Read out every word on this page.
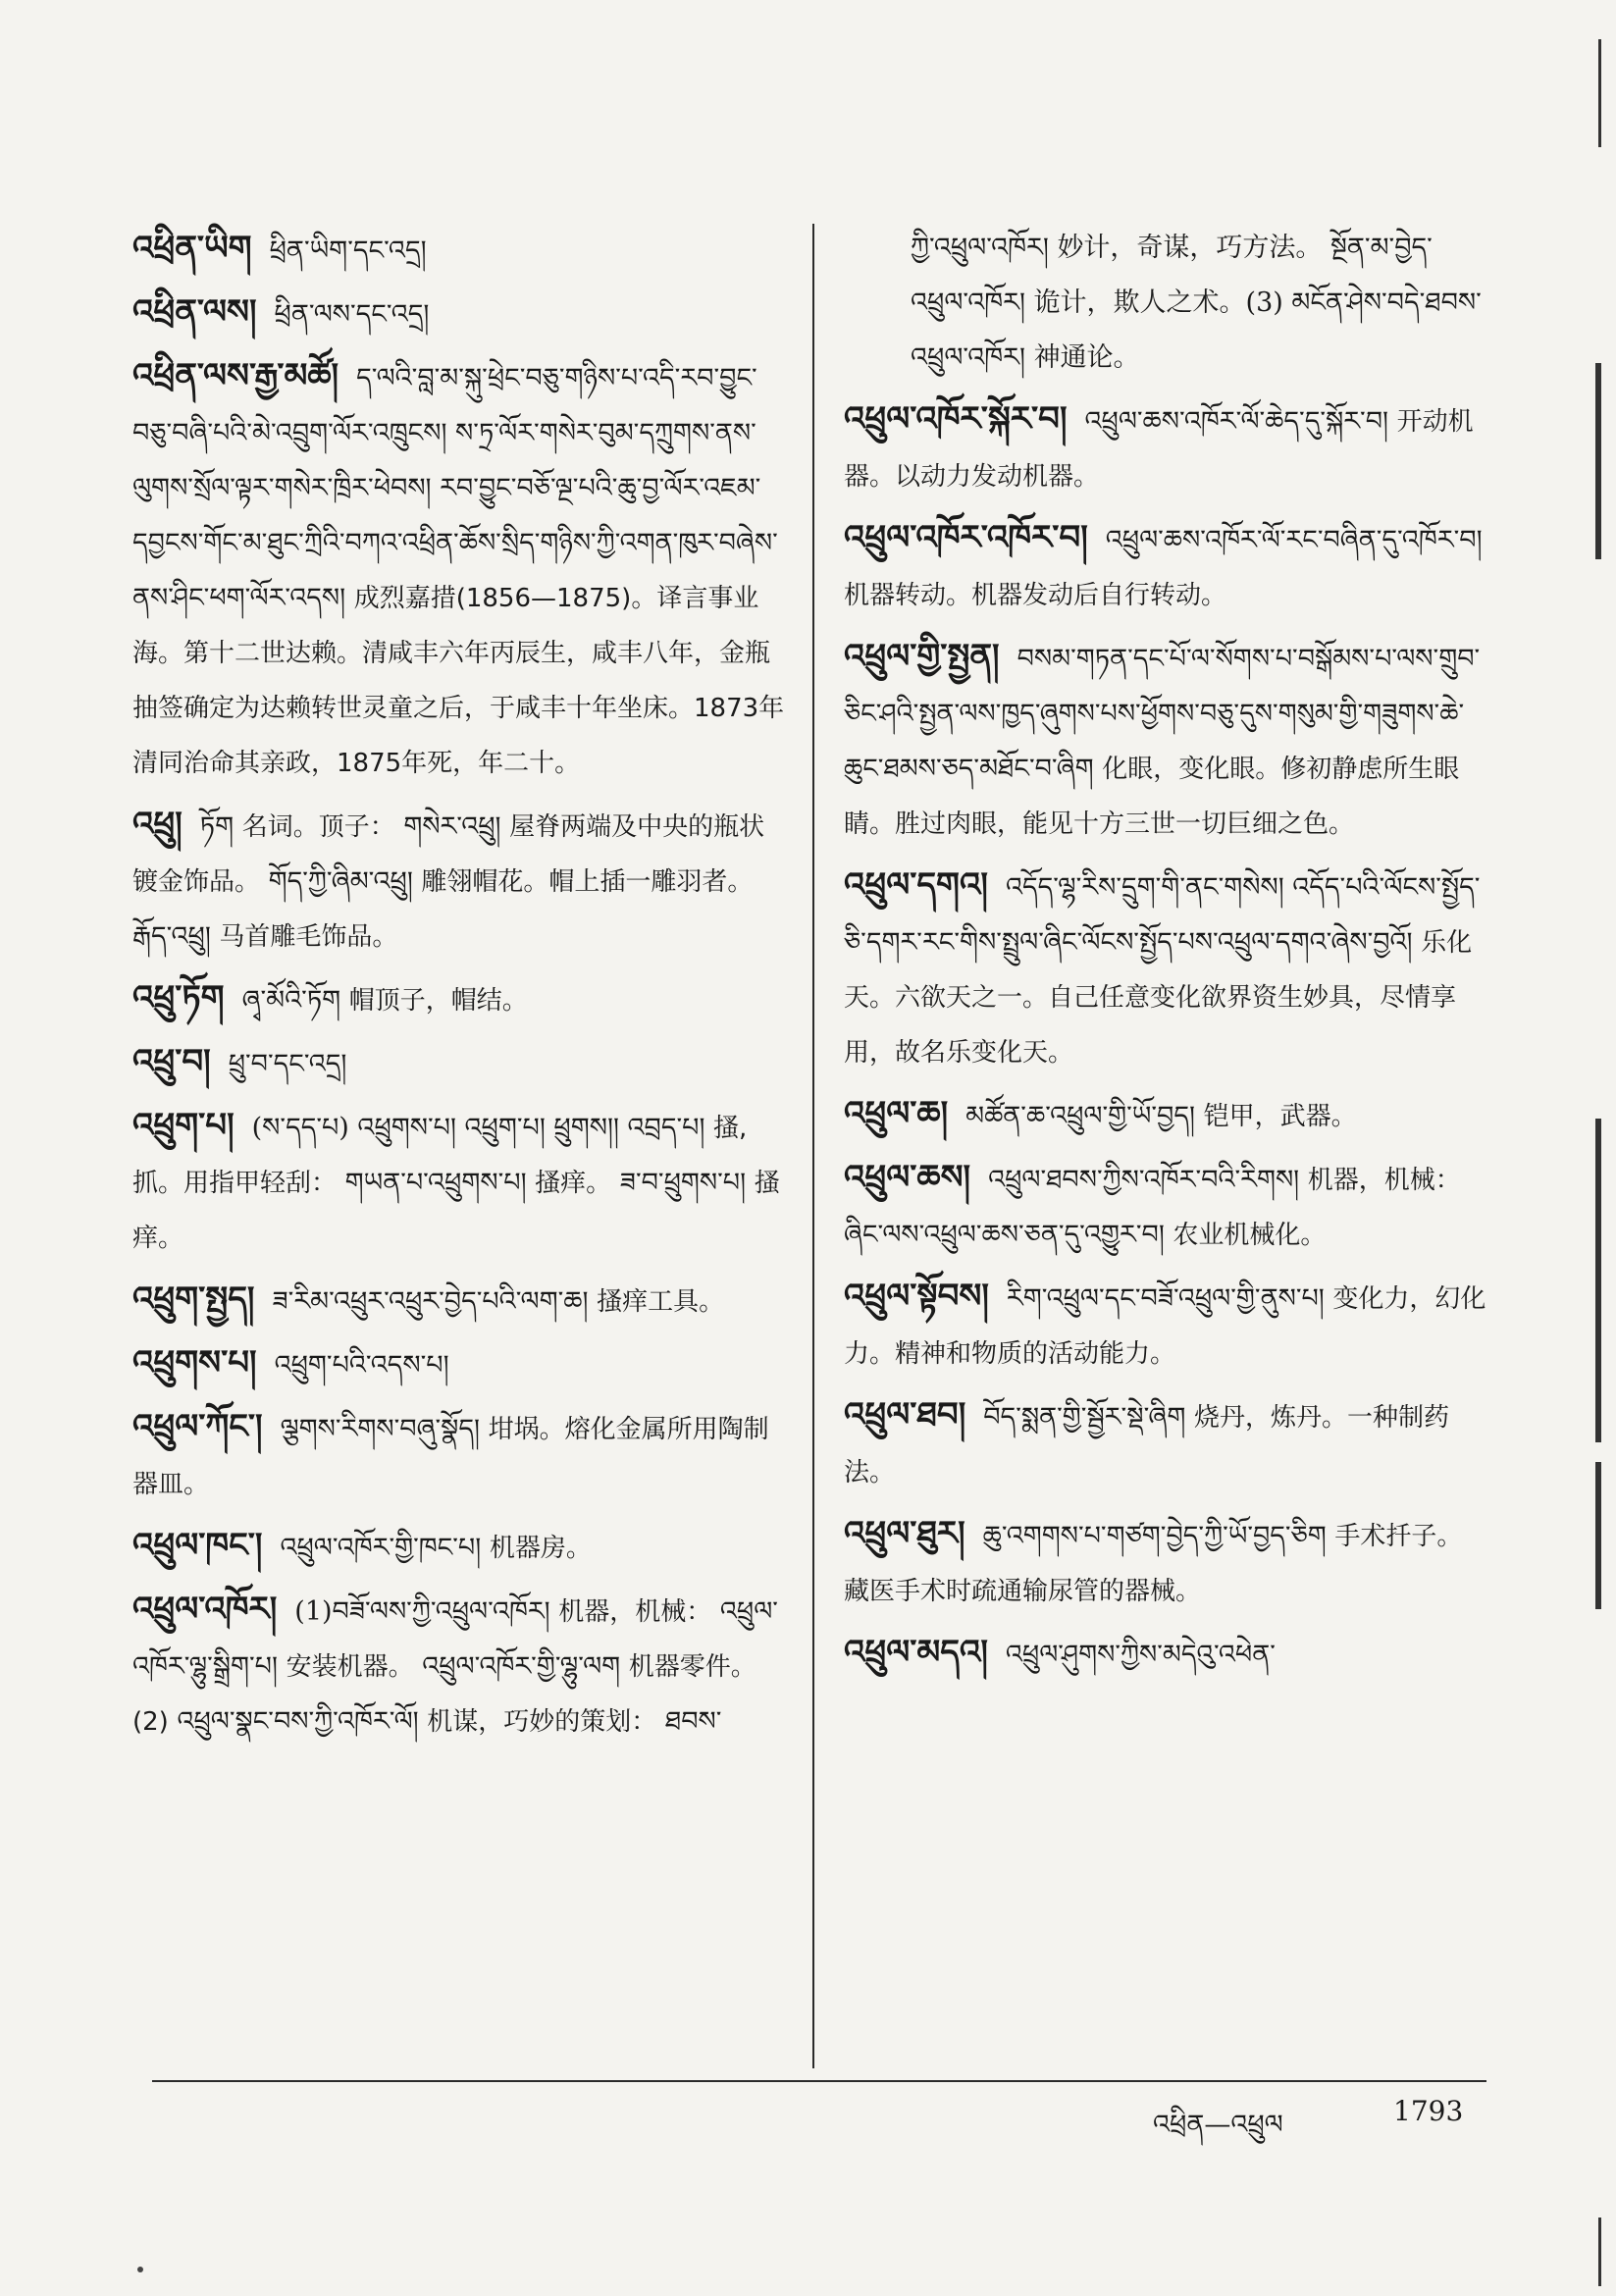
འཕྲིན་ཡིག ཕྲིན་ཡིག་དང་འདྲ།
འཕྲིན་ལས། ཕྲིན་ལས་དང་འདྲ།
འཕྲིན་ལས་རྒྱ་མཚོ། ད་ལའི་བླ་མ་སྐུ་ཕྲེང་བཅུ་གཉིས་པ་འདི་རབ་བྱུང་བཅུ་བཞི་པའི་མེ་འབྲུག་ལོར་འཁྲུངས། ས་ཏྲ་ལོར་གསེར་བུམ་དཀྲུགས་ནས་ལུགས་སྲོལ་ལྟར་གསེར་ཁྲིར་ཕེབས། རབ་བྱུང་བཅོ་ལྔ་པའི་ཆུ་བྱ་ལོར་འཇམ་དབྱངས་གོང་མ་ཐུང་ཀྲིའི་བཀའ་འཕྲིན་ཆོས་སྲིད་གཉིས་ཀྱི་འགན་ཁུར་བཞེས་ནས་ཤིང་ཕག་ལོར་འདས། 成烈嘉措(1856—1875)。译言事业海。第十二世达赖。清咸丰六年丙辰生，咸丰八年，金瓶抽签确定为达赖转世灵童之后，于咸丰十年坐床。1873年清同治命其亲政，1875年死，年二十。
འཕྲུ། ཏོག 名词。顶子： གསེར་འཕྲུ། 屋脊两端及中央的瓶状镀金饰品。 གོད་ཀྱི་ཞིམ་འཕྲུ། 雕翎帽花。帽上插一雕羽者。 རྒོད་འཕྲུ། 马首雕毛饰品。
འཕྲུ་ཏོག ཞྭ་མོའི་ཏོག 帽顶子，帽结。
འཕྲུ་བ། ཕྲུ་བ་དང་འདྲ།
འཕྲུག་པ། (ས་དད་པ) འཕྲུགས་པ། འཕྲུག་པ། ཕྲུགས།། འབྲད་པ། 搔,抓。用指甲轻刮： གཡན་པ་འཕྲུགས་པ། 搔痒。 ཟ་བ་ཕྲུགས་པ། 搔痒。
འཕྲུག་སྤྱད། ཟ་རིམ་འཕྲུར་འཕྲུར་བྱེད་པའི་ལག་ཆ། 搔痒工具。
འཕྲུགས་པ། འཕྲུག་པའི་འདས་པ།
འཕྲུལ་ཀོང་། ལྕགས་རིགས་བཞུ་སྣོད། 坩埚。熔化金属所用陶制器皿。
འཕྲུལ་ཁང་། འཕྲུལ་འཁོར་གྱི་ཁང་པ། 机器房。
འཕྲུལ་འཁོར། (1)བཟོ་ལས་ཀྱི་འཕྲུལ་འཁོར། 机器，机械： འཕྲུལ་འཁོར་ལྷུ་སྒྲིག་པ། 安装机器。 འཕྲུལ་འཁོར་གྱི་ལྷུ་ལག 机器零件。(2) འཕྲུལ་སྣང་བས་ཀྱི་འཁོར་ལོ། 机谋，巧妙的策划： ཐབས་
ཀྱི་འཕྲུལ་འཁོར། 妙计，奇谋，巧方法。 སྔོན་མ་བྱེད་འཕྲུལ་འཁོར། 诡计，欺人之术。(3) མངོན་ཤེས་བདེ་ཐབས་འཕྲུལ་འཁོར། 神通论。
འཕྲུལ་འཁོར་སྐོར་བ། འཕྲུལ་ཆས་འཁོར་ལོ་ཆེད་དུ་སྐོར་བ། 开动机器。以动力发动机器。
འཕྲུལ་འཁོར་འཁོར་བ། འཕྲུལ་ཆས་འཁོར་ལོ་རང་བཞིན་དུ་འཁོར་བ། 机器转动。机器发动后自行转动。
འཕྲུལ་གྱི་སྤྱན། བསམ་གཏན་དང་པོ་ལ་སོགས་པ་བསྒོམས་པ་ལས་གྲུབ་ཅིང་ཤའི་སྤྱན་ལས་ཁྱད་ཞུགས་པས་ཕྱོགས་བཅུ་དུས་གསུམ་གྱི་གཟུགས་ཆེ་ཆུང་ཐམས་ཅད་མཐོང་བ་ཞིག 化眼，变化眼。修初静虑所生眼睛。胜过肉眼，能见十方三世一切巨细之色。
འཕྲུལ་དགའ། འདོད་ལྷ་རིས་དྲུག་གི་ནང་གསེས། འདོད་པའི་ལོངས་སྤྱོད་ཅི་དགར་རང་གིས་སྤྲུལ་ཞིང་ལོངས་སྤྱོད་པས་འཕྲུལ་དགའ་ཞེས་བྱའོ། 乐化天。六欲天之一。自己任意变化欲界资生妙具，尽情享用，故名乐变化天。
འཕྲུལ་ཆ། མཚོན་ཆ་འཕྲུལ་གྱི་ཡོ་བྱད། 铠甲，武器。
འཕྲུལ་ཆས། འཕྲུལ་ཐབས་ཀྱིས་འཁོར་བའི་རིགས། 机器，机械： ཞིང་ལས་འཕྲུལ་ཆས་ཅན་དུ་འགྱུར་བ། 农业机械化。
འཕྲུལ་སྟོབས། རིག་འཕྲུལ་དང་བཟོ་འཕྲུལ་གྱི་ནུས་པ། 变化力，幻化力。精神和物质的活动能力。
འཕྲུལ་ཐབ། བོད་སྨན་གྱི་སྦྱོར་སྡེ་ཞིག 烧丹，炼丹。一种制药法。
འཕྲུལ་ཐུར། ཆུ་འགགས་པ་གཙག་བྱེད་ཀྱི་ཡོ་བྱད་ཅིག 手术扦子。藏医手术时疏通输尿管的器械。
འཕྲུལ་མདའ། འཕྲུལ་ཤུགས་ཀྱིས་མདེའུ་འཕེན་
འཕྲིན—འཕྲུལ	1793
